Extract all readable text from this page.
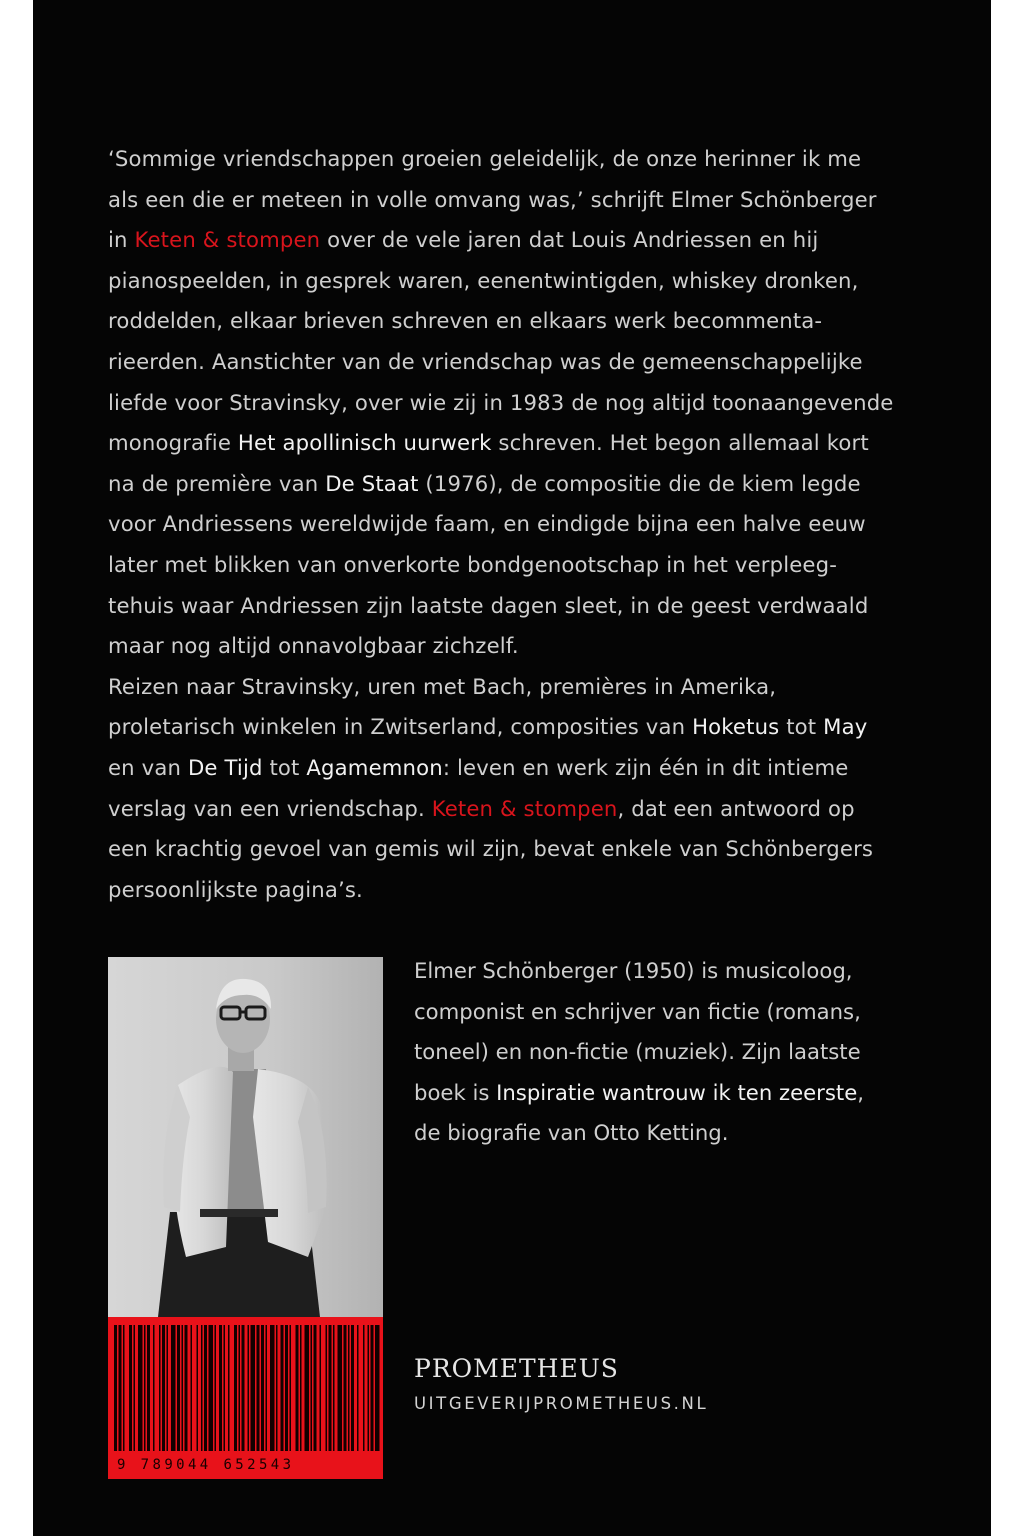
‘Sommige vriendschappen groeien geleidelijk, de onze herinner ik me
als een die er meteen in volle omvang was,’ schrijft Elmer Schönberger
in Keten & stompen over de vele jaren dat Louis Andriessen en hij
pianospeelden, in gesprek waren, eenentwintigden, whiskey dronken,
roddelden, elkaar brieven schreven en elkaars werk becommenta-
rieerden. Aanstichter van de vriendschap was de gemeenschappelijke
liefde voor Stravinsky, over wie zij in 1983 de nog altijd toonaangevende
monografie Het apollinisch uurwerk schreven. Het begon allemaal kort
na de première van De Staat (1976), de compositie die de kiem legde
voor Andriessens wereldwijde faam, en eindigde bijna een halve eeuw
later met blikken van onverkorte bondgenootschap in het verpleeg-
tehuis waar Andriessen zijn laatste dagen sleet, in de geest verdwaald
maar nog altijd onnavolgbaar zichzelf.
Reizen naar Stravinsky, uren met Bach, premières in Amerika,
proletarisch winkelen in Zwitserland, composities van Hoketus tot May
en van De Tijd tot Agamemnon: leven en werk zijn één in dit intieme
verslag van een vriendschap. Keten & stompen, dat een antwoord op
een krachtig gevoel van gemis wil zijn, bevat enkele van Schönbergers
persoonlijkste pagina’s.
9 789044 652543
Elmer Schönberger (1950) is musicoloog,
componist en schrijver van fictie (romans,
toneel) en non-fictie (muziek). Zijn laatste
boek is Inspiratie wantrouw ik ten zeerste,
de biografie van Otto Ketting.
PROMETHEUS
UITGEVERIJPROMETHEUS.NL
